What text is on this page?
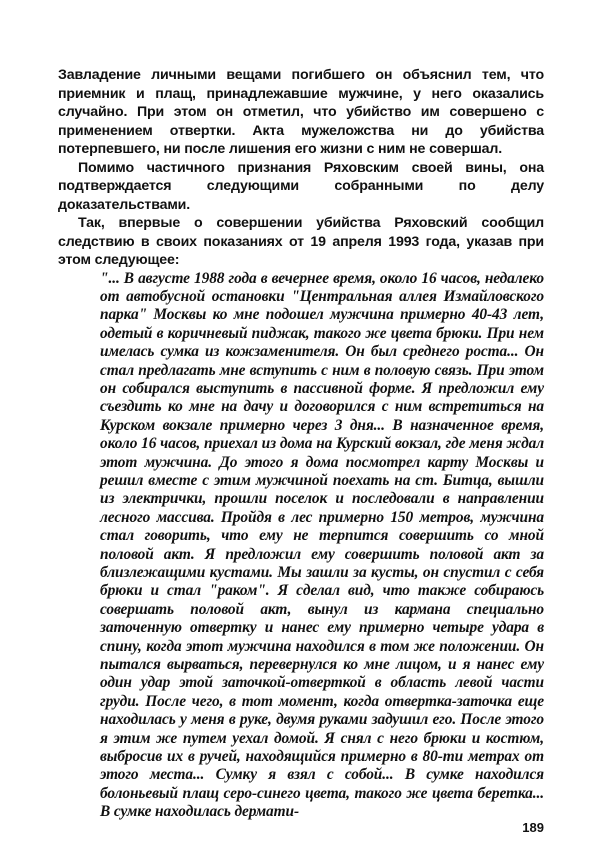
Завладение личными вещами погибшего он объяснил тем, что приемник и плащ, принадлежавшие мужчине, у него оказались случайно. При этом он отметил, что убийство им совершено с применением отвертки. Акта мужеложства ни до убийства потерпевшего, ни после лишения его жизни с ним не совершал.

Помимо частичного признания Ряховским своей вины, она подтверждается следующими собранными по делу доказательствами.

Так, впервые о совершении убийства Ряховский сообщил следствию в своих показаниях от 19 апреля 1993 года, указав при этом следующее:

"... В августе 1988 года в вечернее время, около 16 часов, недалеко от автобусной остановки "Центральная аллея Измайловского парка" Москвы ко мне подошел мужчина примерно 40-43 лет, одетый в коричневый пиджак, такого же цвета брюки. При нем имелась сумка из кожзаменителя. Он был среднего роста... Он стал предлагать мне вступить с ним в половую связь. При этом он собирался выступить в пассивной форме. Я предложил ему съездить ко мне на дачу и договорился с ним встретиться на Курском вокзале примерно через 3 дня... В назначенное время, около 16 часов, приехал из дома на Курский вокзал, где меня ждал этот мужчина. До этого я дома посмотрел карту Москвы и решил вместе с этим мужчиной поехать на ст. Битца, вышли из электрички, прошли поселок и последовали в направлении лесного массива. Пройдя в лес примерно 150 метров, мужчина стал говорить, что ему не терпится совершить со мной половой акт. Я предложил ему совершить половой акт за близлежащими кустами. Мы зашли за кусты, он спустил с себя брюки и стал "раком". Я сделал вид, что также собираюсь совершать половой акт, вынул из кармана специально заточенную отвертку и нанес ему примерно четыре удара в спину, когда этот мужчина находился в том же положении. Он пытался вырваться, перевернулся ко мне лицом, и я нанес ему один удар этой заточкой-отверткой в область левой части груди. После чего, в тот момент, когда отвертка-заточка еще находилась у меня в руке, двумя руками задушил его. После этого я этим же путем уехал домой. Я снял с него брюки и костюм, выбросив их в ручей, находящийся примерно в 80-ти метрах от этого места... Сумку я взял с собой... В сумке находился болоньевый плащ серо-синего цвета, такого же цвета беретка... В сумке находилась дермати-

189
